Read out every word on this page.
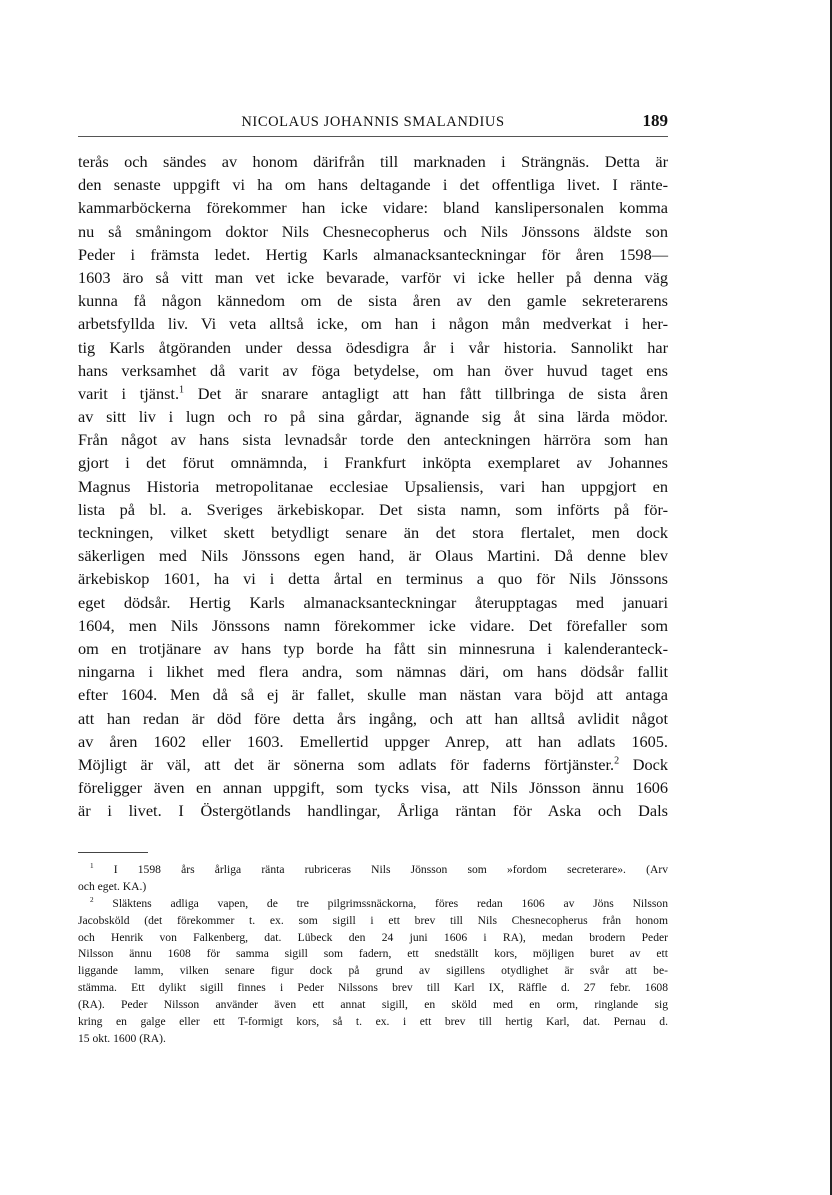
NICOLAUS JOHANNIS SMALANDIUS	189
terås och sändes av honom därifrån till marknaden i Strängnäs. Detta är
den senaste uppgift vi ha om hans deltagande i det offentliga livet. I ränte-
kammarböckerna förekommer han icke vidare: bland kanslipersonalen komma
nu så småningom doktor Nils Chesnecopherus och Nils Jönssons äldste son
Peder i främsta ledet. Hertig Karls almanacksanteckningar för åren 1598—
1603 äro så vitt man vet icke bevarade, varför vi icke heller på denna väg
kunna få någon kännedom om de sista åren av den gamle sekreterarens
arbetsfyllda liv. Vi veta alltså icke, om han i någon mån medverkat i her-
tig Karls åtgöranden under dessa ödesdigra år i vår historia. Sannolikt har
hans verksamhet då varit av föga betydelse, om han över huvud taget ens
varit i tjänst.$^1$ Det är snarare antagligt att han fått tillbringa de sista åren
av sitt liv i lugn och ro på sina gårdar, ägnande sig åt sina lärda mödor.
Från något av hans sista levnadsår torde den anteckningen härröra som han
gjort i det förut omnämnda, i Frankfurt inköpta exemplaret av Johannes
Magnus Historia metropolitanae ecclesiae Upsaliensis, vari han uppgjort en
lista på bl. a. Sveriges ärkebiskopar. Det sista namn, som införts på för-
teckningen, vilket skett betydligt senare än det stora flertalet, men dock
säkerligen med Nils Jönssons egen hand, är Olaus Martini. Då denne blev
ärkebiskop 1601, ha vi i detta årtal en terminus a quo för Nils Jönssons
eget dödsår. Hertig Karls almanacksanteckningar återupptagas med januari
1604, men Nils Jönssons namn förekommer icke vidare. Det förefaller som
om en trotjänare av hans typ borde ha fått sin minnesruna i kalenderanteck-
ningarna i likhet med flera andra, som nämnas däri, om hans dödsår fallit
efter 1604. Men då så ej är fallet, skulle man nästan vara böjd att antaga
att han redan är död före detta års ingång, och att han alltså avlidit något
av åren 1602 eller 1603. Emellertid uppger Anrep, att han adlats 1605.
Möjligt är väl, att det är sönerna som adlats för faderns förtjänster.$^2$ Dock
föreligger även en annan uppgift, som tycks visa, att Nils Jönsson ännu 1606
är i livet. I Östergötlands handlingar, Årliga räntan för Aska och Dals
$^1$ I 1598 års årliga ränta rubriceras Nils Jönsson som »fordom secreterare». (Arv
och eget. KA.)
$^2$ Släktens adliga vapen, de tre pilgrimssnäckorna, föres redan 1606 av Jöns Nilsson
Jacobsköld (det förekommer t. ex. som sigill i ett brev till Nils Chesnecopherus från honom
och Henrik von Falkenberg, dat. Lübeck den 24 juni 1606 i RA), medan brodern Peder
Nilsson ännu 1608 för samma sigill som fadern, ett snedställt kors, möjligen buret av ett
liggande lamm, vilken senare figur dock på grund av sigillens otydlighet är svår att be-
stämma. Ett dylikt sigill finnes i Peder Nilssons brev till Karl IX, Räffle d. 27 febr. 1608
(RA). Peder Nilsson använder även ett annat sigill, en sköld med en orm, ringlande sig
kring en galge eller ett T-formigt kors, så t. ex. i ett brev till hertig Karl, dat. Pernau d.
15 okt. 1600 (RA).
